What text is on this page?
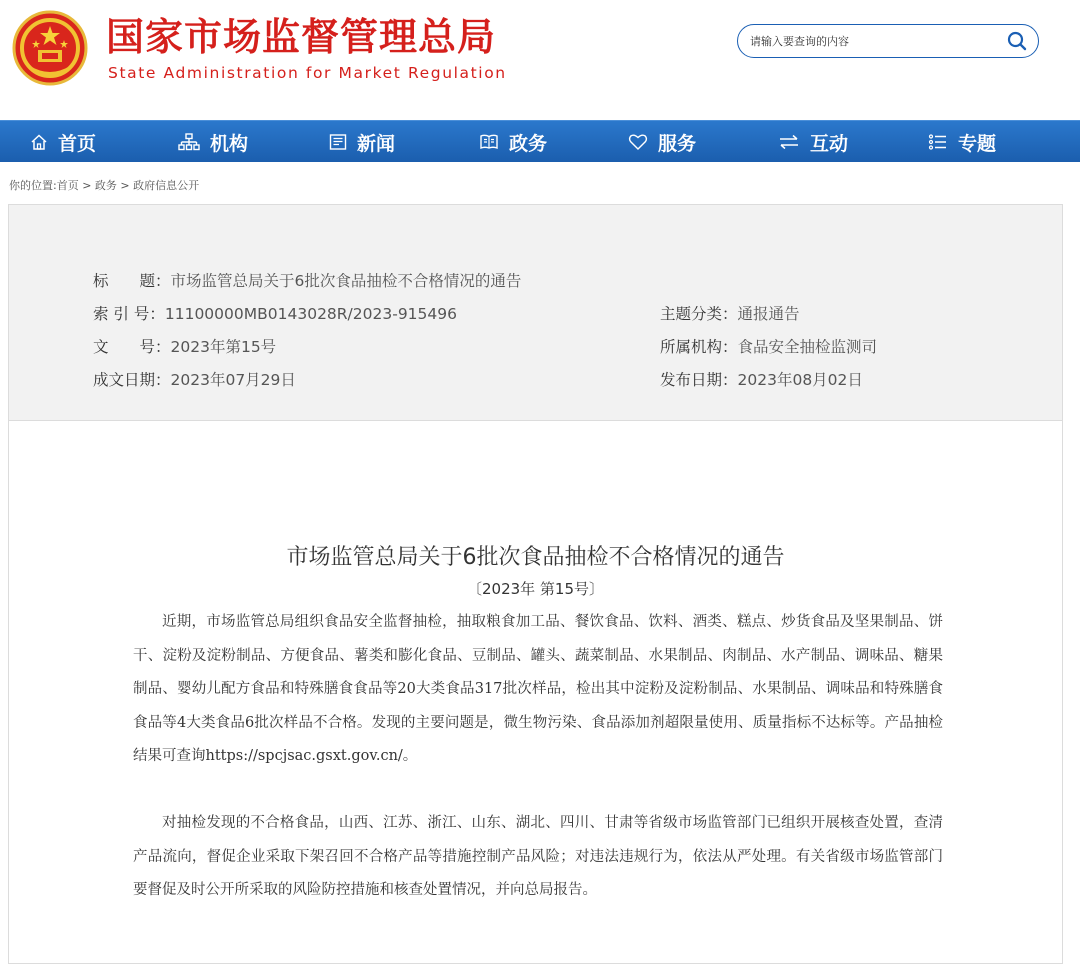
国家市场监督管理总局
State Administration for Market Regulation
请输入要查询的内容
首页	机构	新闻	政务	服务	互动	专题
你的位置:首页 > 政务 > 政府信息公开
标　　题：市场监管总局关于6批次食品抽检不合格情况的通告
索 引 号：11100000MB0143028R/2023-915496
文　　号：2023年第15号
成文日期：2023年07月29日
主题分类：通报通告
所属机构：食品安全抽检监测司
发布日期：2023年08月02日
市场监管总局关于6批次食品抽检不合格情况的通告
〔2023年 第15号〕

近期，市场监管总局组织食品安全监督抽检，抽取粮食加工品、餐饮食品、饮料、酒类、糕点、炒货食品及坚果制品、饼干、淀粉及淀粉制品、方便食品、薯类和膨化食品、豆制品、罐头、蔬菜制品、水果制品、肉制品、水产制品、调味品、糖果制品、婴幼儿配方食品和特殊膳食食品等20大类食品317批次样品，检出其中淀粉及淀粉制品、水果制品、调味品和特殊膳食食品等4大类食品6批次样品不合格。发现的主要问题是，微生物污染、食品添加剂超限量使用、质量指标不达标等。产品抽检结果可查询https://spcjsac.gsxt.gov.cn/。

对抽检发现的不合格食品，山西、江苏、浙江、山东、湖北、四川、甘肃等省级市场监管部门已组织开展核查处置，查清产品流向，督促企业采取下架召回不合格产品等措施控制产品风险；对违法违规行为，依法从严处理。有关省级市场监管部门要督促及时公开所采取的风险防控措施和核查处置情况，并向总局报告。
